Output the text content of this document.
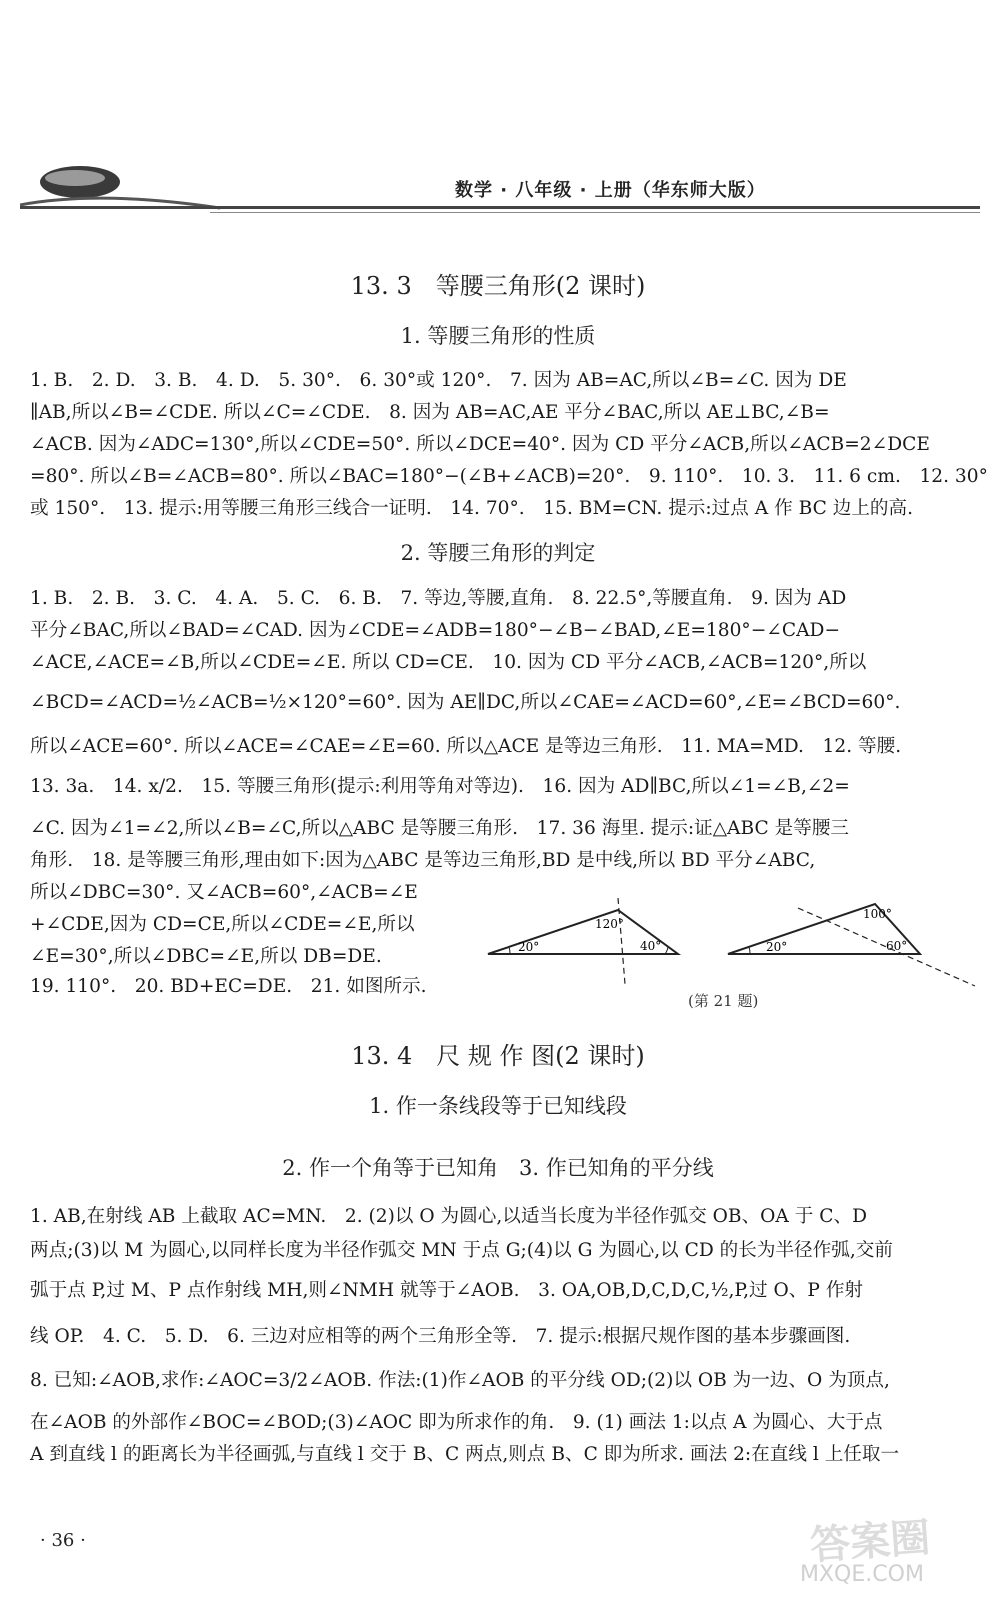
数学 · 八年级 · 上册（华东师大版）
13. 3　等腰三角形(2 课时)
1. 等腰三角形的性质
1. B.　2. D.　3. B.　4. D.　5. 30°.　6. 30°或 120°.　7. 因为 AB=AC,所以∠B=∠C. 因为 DE
∥AB,所以∠B=∠CDE. 所以∠C=∠CDE.　8. 因为 AB=AC,AE 平分∠BAC,所以 AE⊥BC,∠B=
∠ACB. 因为∠ADC=130°,所以∠CDE=50°. 所以∠DCE=40°. 因为 CD 平分∠ACB,所以∠ACB=2∠DCE
=80°. 所以∠B=∠ACB=80°. 所以∠BAC=180°−(∠B+∠ACB)=20°.　9. 110°.　10. 3.　11. 6 cm.　12. 30°
或 150°.　13. 提示:用等腰三角形三线合一证明.　14. 70°.　15. BM=CN. 提示:过点 A 作 BC 边上的高.
2. 等腰三角形的判定
1. B.　2. B.　3. C.　4. A.　5. C.　6. B.　7. 等边,等腰,直角.　8. 22.5°,等腰直角.　9. 因为 AD
平分∠BAC,所以∠BAD=∠CAD. 因为∠CDE=∠ADB=180°−∠B−∠BAD,∠E=180°−∠CAD−
∠ACE,∠ACE=∠B,所以∠CDE=∠E. 所以 CD=CE.　10. 因为 CD 平分∠ACB,∠ACB=120°,所以
∠BCD=∠ACD=½∠ACB=½×120°=60°. 因为 AE∥DC,所以∠CAE=∠ACD=60°,∠E=∠BCD=60°.
所以∠ACE=60°. 所以∠ACE=∠CAE=∠E=60. 所以△ACE 是等边三角形.　11. MA=MD.　12. 等腰.
13. 3a.　14. x/2.　15. 等腰三角形(提示:利用等角对等边).　16. 因为 AD∥BC,所以∠1=∠B,∠2=
∠C. 因为∠1=∠2,所以∠B=∠C,所以△ABC 是等腰三角形.　17. 36 海里. 提示:证△ABC 是等腰三
角形.　18. 是等腰三角形,理由如下:因为△ABC 是等边三角形,BD 是中线,所以 BD 平分∠ABC,
所以∠DBC=30°. 又∠ACB=60°,∠ACB=∠E
+∠CDE,因为 CD=CE,所以∠CDE=∠E,所以
∠E=30°,所以∠DBC=∠E,所以 DB=DE.
19. 110°.　20. BD+EC=DE.　21. 如图所示.
20°
120°
40°	20°
100°
60°
(第 21 题)
13. 4　尺 规 作 图(2 课时)
1. 作一条线段等于已知线段
2. 作一个角等于已知角　3. 作已知角的平分线
1. AB,在射线 AB 上截取 AC=MN.　2. (2)以 O 为圆心,以适当长度为半径作弧交 OB、OA 于 C、D
两点;(3)以 M 为圆心,以同样长度为半径作弧交 MN 于点 G;(4)以 G 为圆心,以 CD 的长为半径作弧,交前
弧于点 P,过 M、P 点作射线 MH,则∠NMH 就等于∠AOB.　3. OA,OB,D,C,D,C,½,P,过 O、P 作射
线 OP.　4. C.　5. D.　6. 三边对应相等的两个三角形全等.　7. 提示:根据尺规作图的基本步骤画图.
8. 已知:∠AOB,求作:∠AOC=3/2∠AOB. 作法:(1)作∠AOB 的平分线 OD;(2)以 OB 为一边、O 为顶点,
在∠AOB 的外部作∠BOC=∠BOD;(3)∠AOC 即为所求作的角.　9. (1) 画法 1:以点 A 为圆心、大于点
A 到直线 l 的距离长为半径画弧,与直线 l 交于 B、C 两点,则点 B、C 即为所求. 画法 2:在直线 l 上任取一
· 36 ·	答案圈
MXQE.COM
